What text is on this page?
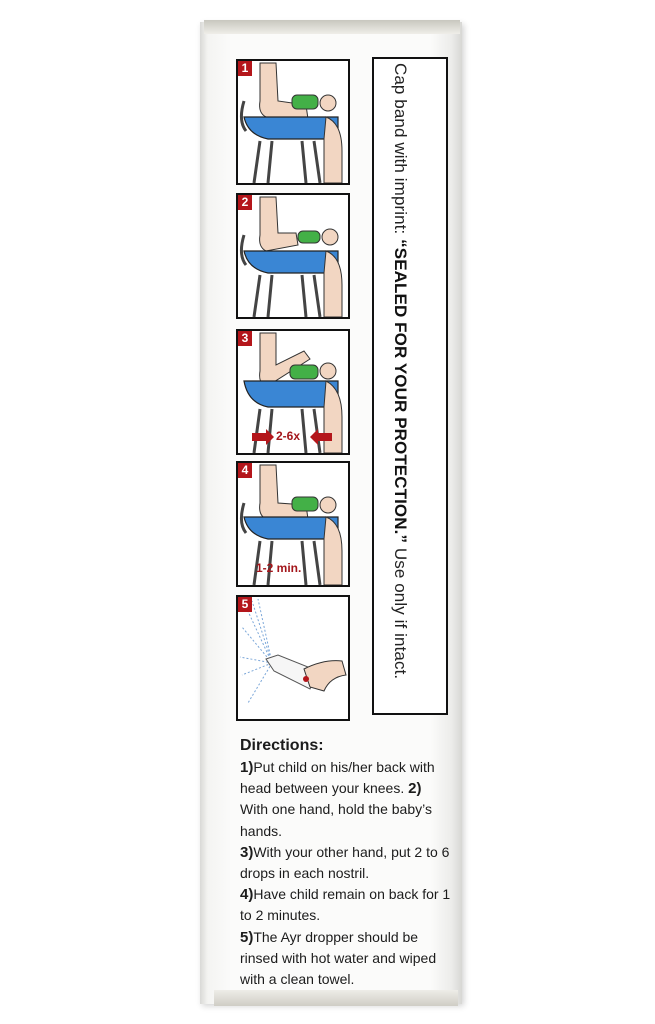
1
2
3
2-6x
4
1-2 min.
5
Cap band with imprint: “SEALED FOR YOUR PROTECTION.” Use only if intact.
Directions:

1)Put child on his/her back with head between your knees. 2) With one hand, hold the baby’s hands.

3)With your other hand, put 2 to 6 drops in each nostril.

4)Have child remain on back for 1 to 2 minutes.

5)The Ayr dropper should be rinsed with hot water and wiped with a clean towel.
